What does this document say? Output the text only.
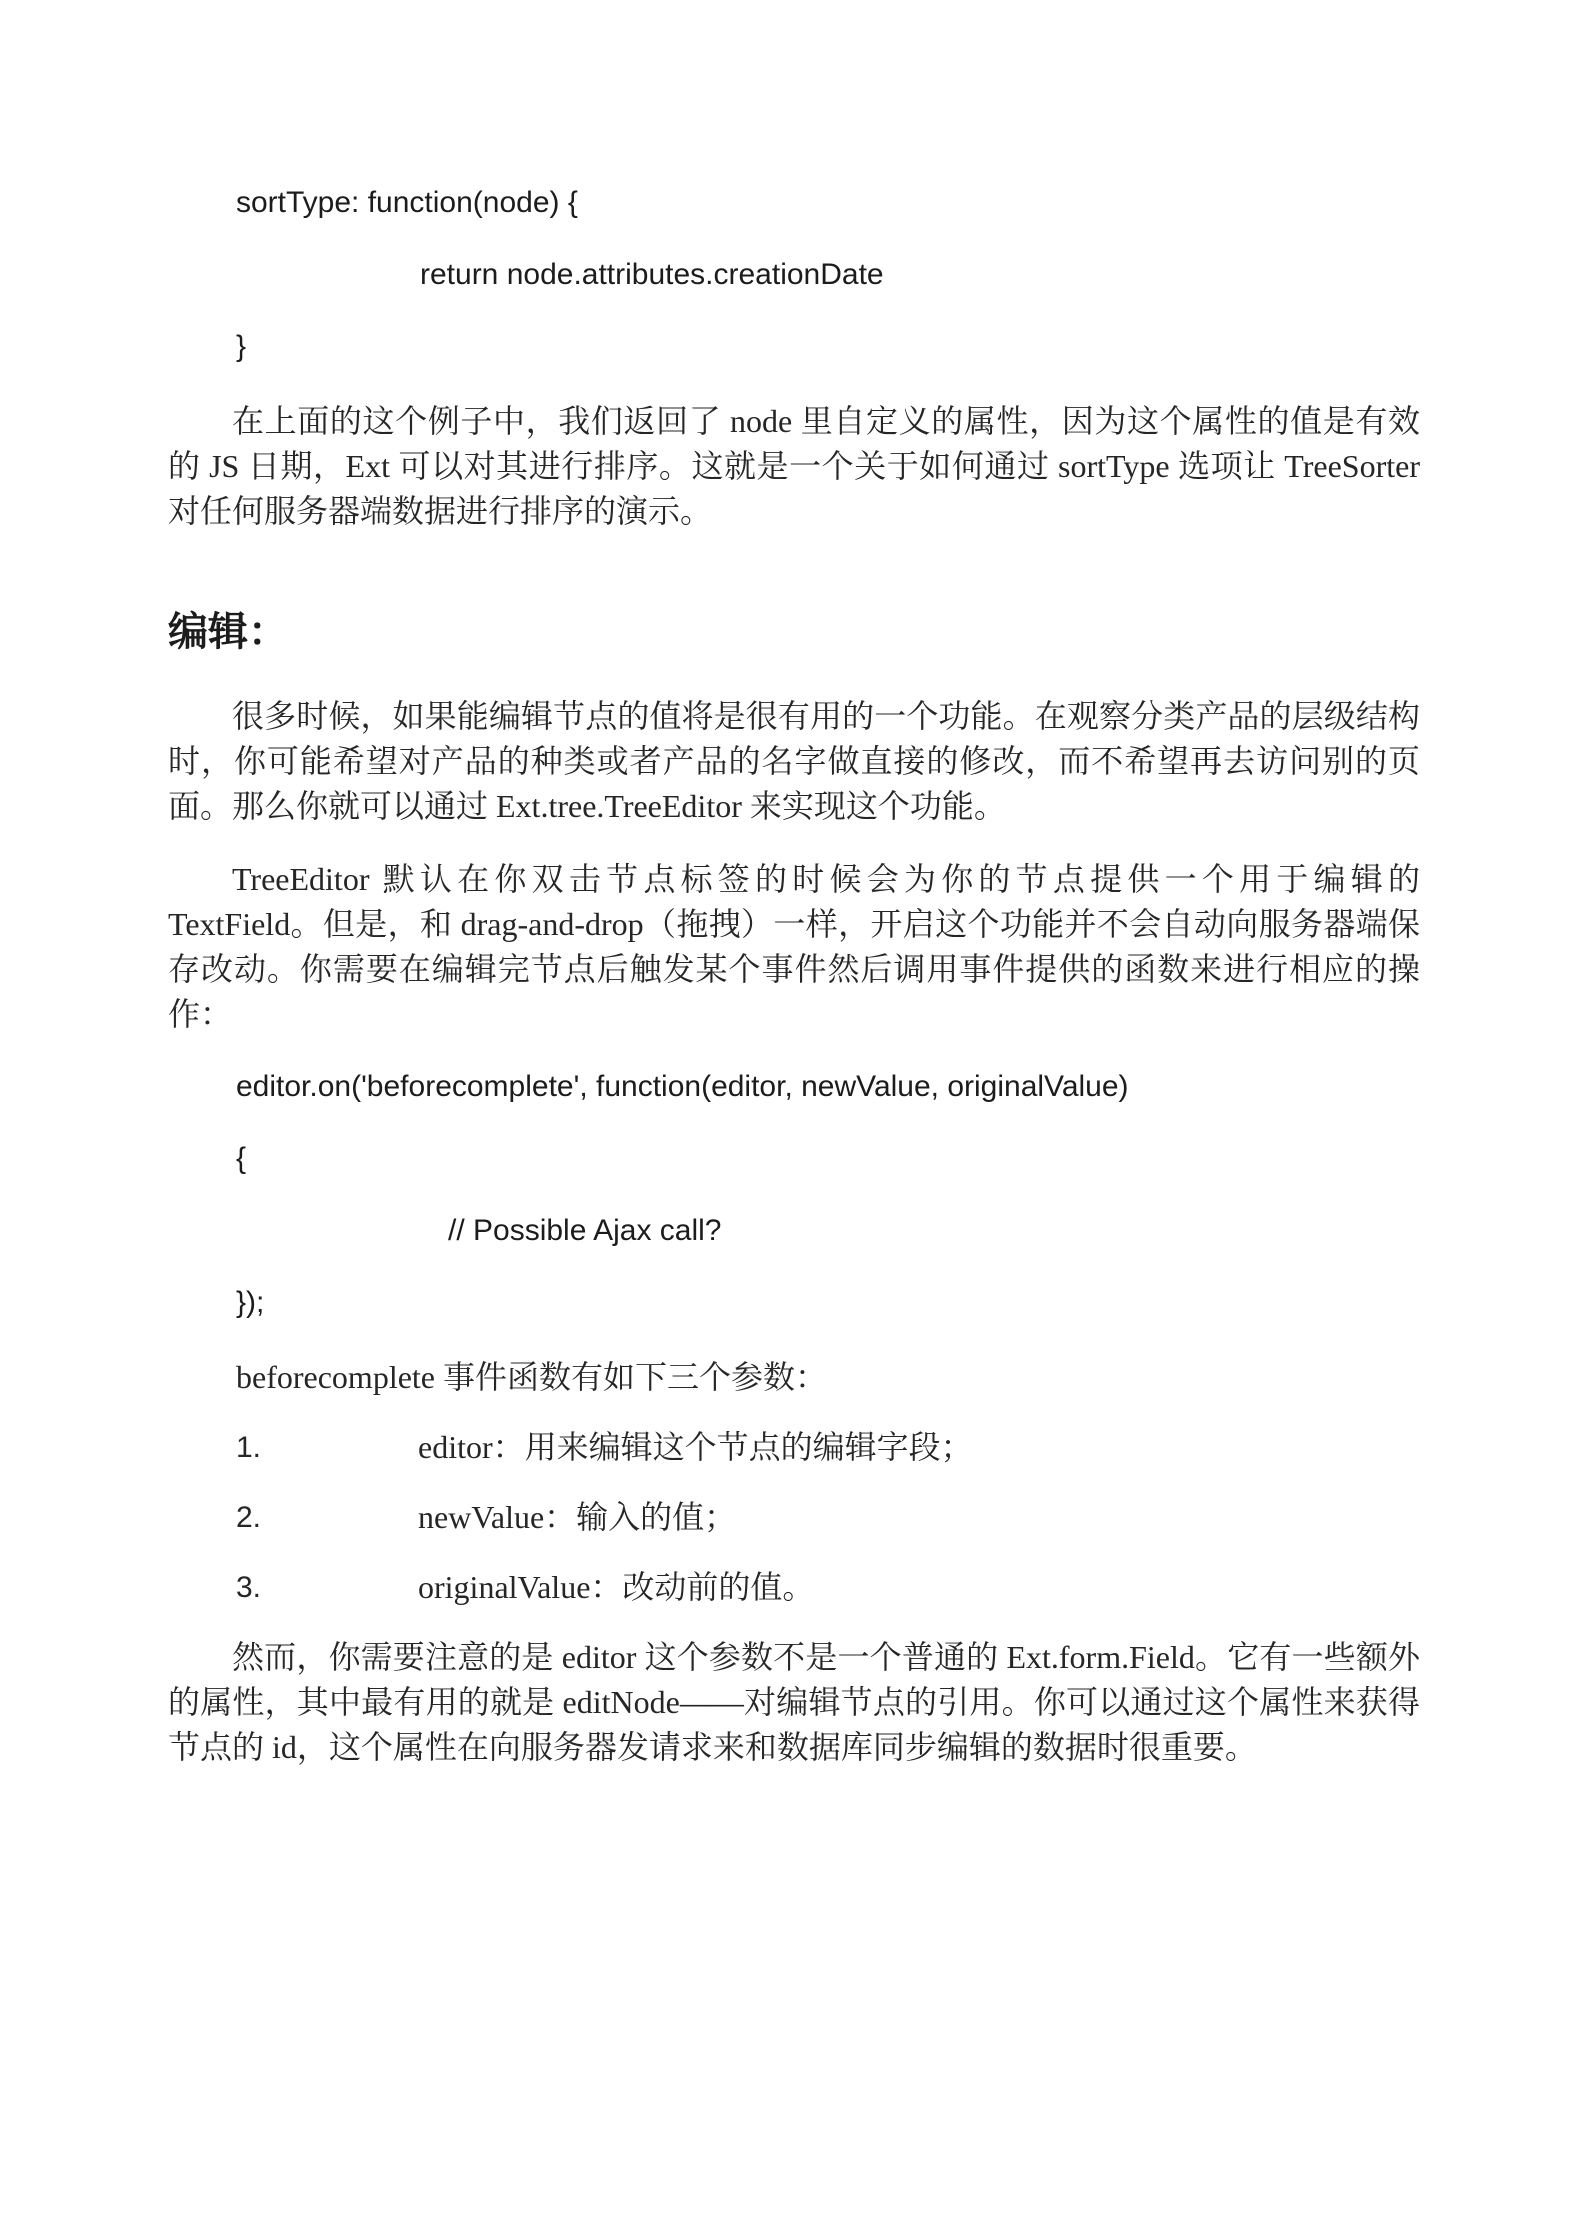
sortType: function(node) {
return node.attributes.creationDate
}

在上面的这个例子中，我们返回了 node 里自定义的属性，因为这个属性的值是有效的 JS 日期，Ext 可以对其进行排序。这就是一个关于如何通过 sortType 选项让 TreeSorter 对任何服务器端数据进行排序的演示。

编辑：

很多时候，如果能编辑节点的值将是很有用的一个功能。在观察分类产品的层级结构时，你可能希望对产品的种类或者产品的名字做直接的修改，而不希望再去访问别的页面。那么你就可以通过 Ext.tree.TreeEditor 来实现这个功能。

TreeEditor 默认在你双击节点标签的时候会为你的节点提供一个用于编辑的 TextField。但是，和 drag-and-drop（拖拽）一样，开启这个功能并不会自动向服务器端保存改动。你需要在编辑完节点后触发某个事件然后调用事件提供的函数来进行相应的操作：

editor.on('beforecomplete', function(editor, newValue, originalValue)
{
// Possible Ajax call?
});

beforecomplete 事件函数有如下三个参数：

1.	editor：用来编辑这个节点的编辑字段；
2.	newValue：输入的值；
3.	originalValue：改动前的值。

然而，你需要注意的是 editor 这个参数不是一个普通的 Ext.form.Field。它有一些额外的属性，其中最有用的就是 editNode——对编辑节点的引用。你可以通过这个属性来获得节点的 id，这个属性在向服务器发请求来和数据库同步编辑的数据时很重要。
